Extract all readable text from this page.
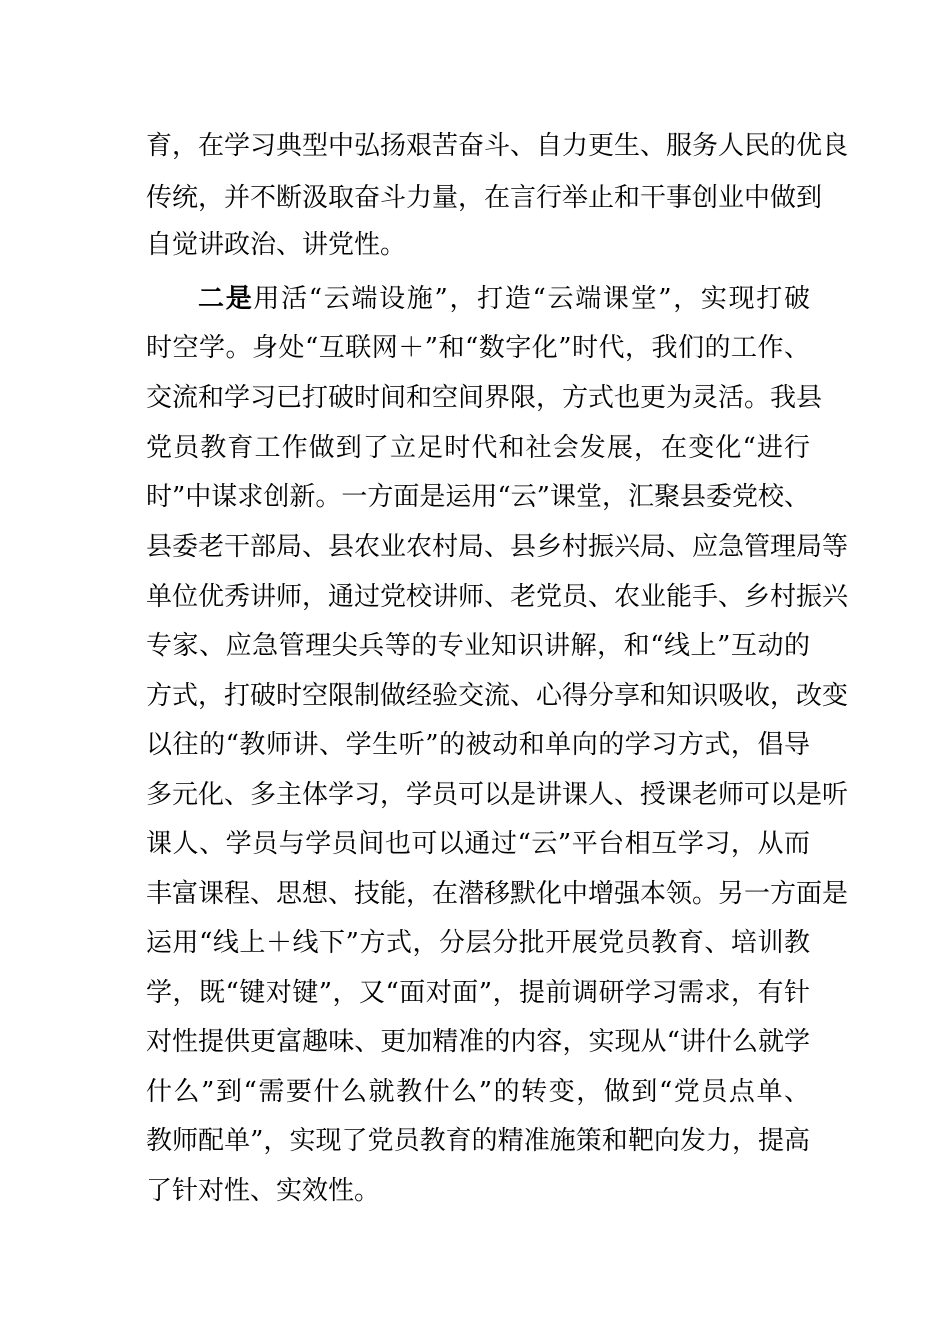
育，在学习典型中弘扬艰苦奋斗、自力更生、服务人民的优良
传统，并不断汲取奋斗力量，在言行举止和干事创业中做到
自觉讲政治、讲党性。
二是用活“云端设施”，打造“云端课堂”，实现打破
时空学。身处“互联网＋”和“数字化”时代，我们的工作、
交流和学习已打破时间和空间界限，方式也更为灵活。我县
党员教育工作做到了立足时代和社会发展，在变化“进行
时”中谋求创新。一方面是运用“云”课堂，汇聚县委党校、
县委老干部局、县农业农村局、县乡村振兴局、应急管理局等
单位优秀讲师，通过党校讲师、老党员、农业能手、乡村振兴
专家、应急管理尖兵等的专业知识讲解，和“线上”互动的
方式，打破时空限制做经验交流、心得分享和知识吸收，改变
以往的“教师讲、学生听”的被动和单向的学习方式，倡导
多元化、多主体学习，学员可以是讲课人、授课老师可以是听
课人、学员与学员间也可以通过“云”平台相互学习，从而
丰富课程、思想、技能，在潜移默化中增强本领。另一方面是
运用“线上＋线下”方式，分层分批开展党员教育、培训教
学，既“键对键”，又“面对面”，提前调研学习需求，有针
对性提供更富趣味、更加精准的内容，实现从“讲什么就学
什么”到“需要什么就教什么”的转变，做到“党员点单、
教师配单”，实现了党员教育的精准施策和靶向发力，提高
了针对性、实效性。
